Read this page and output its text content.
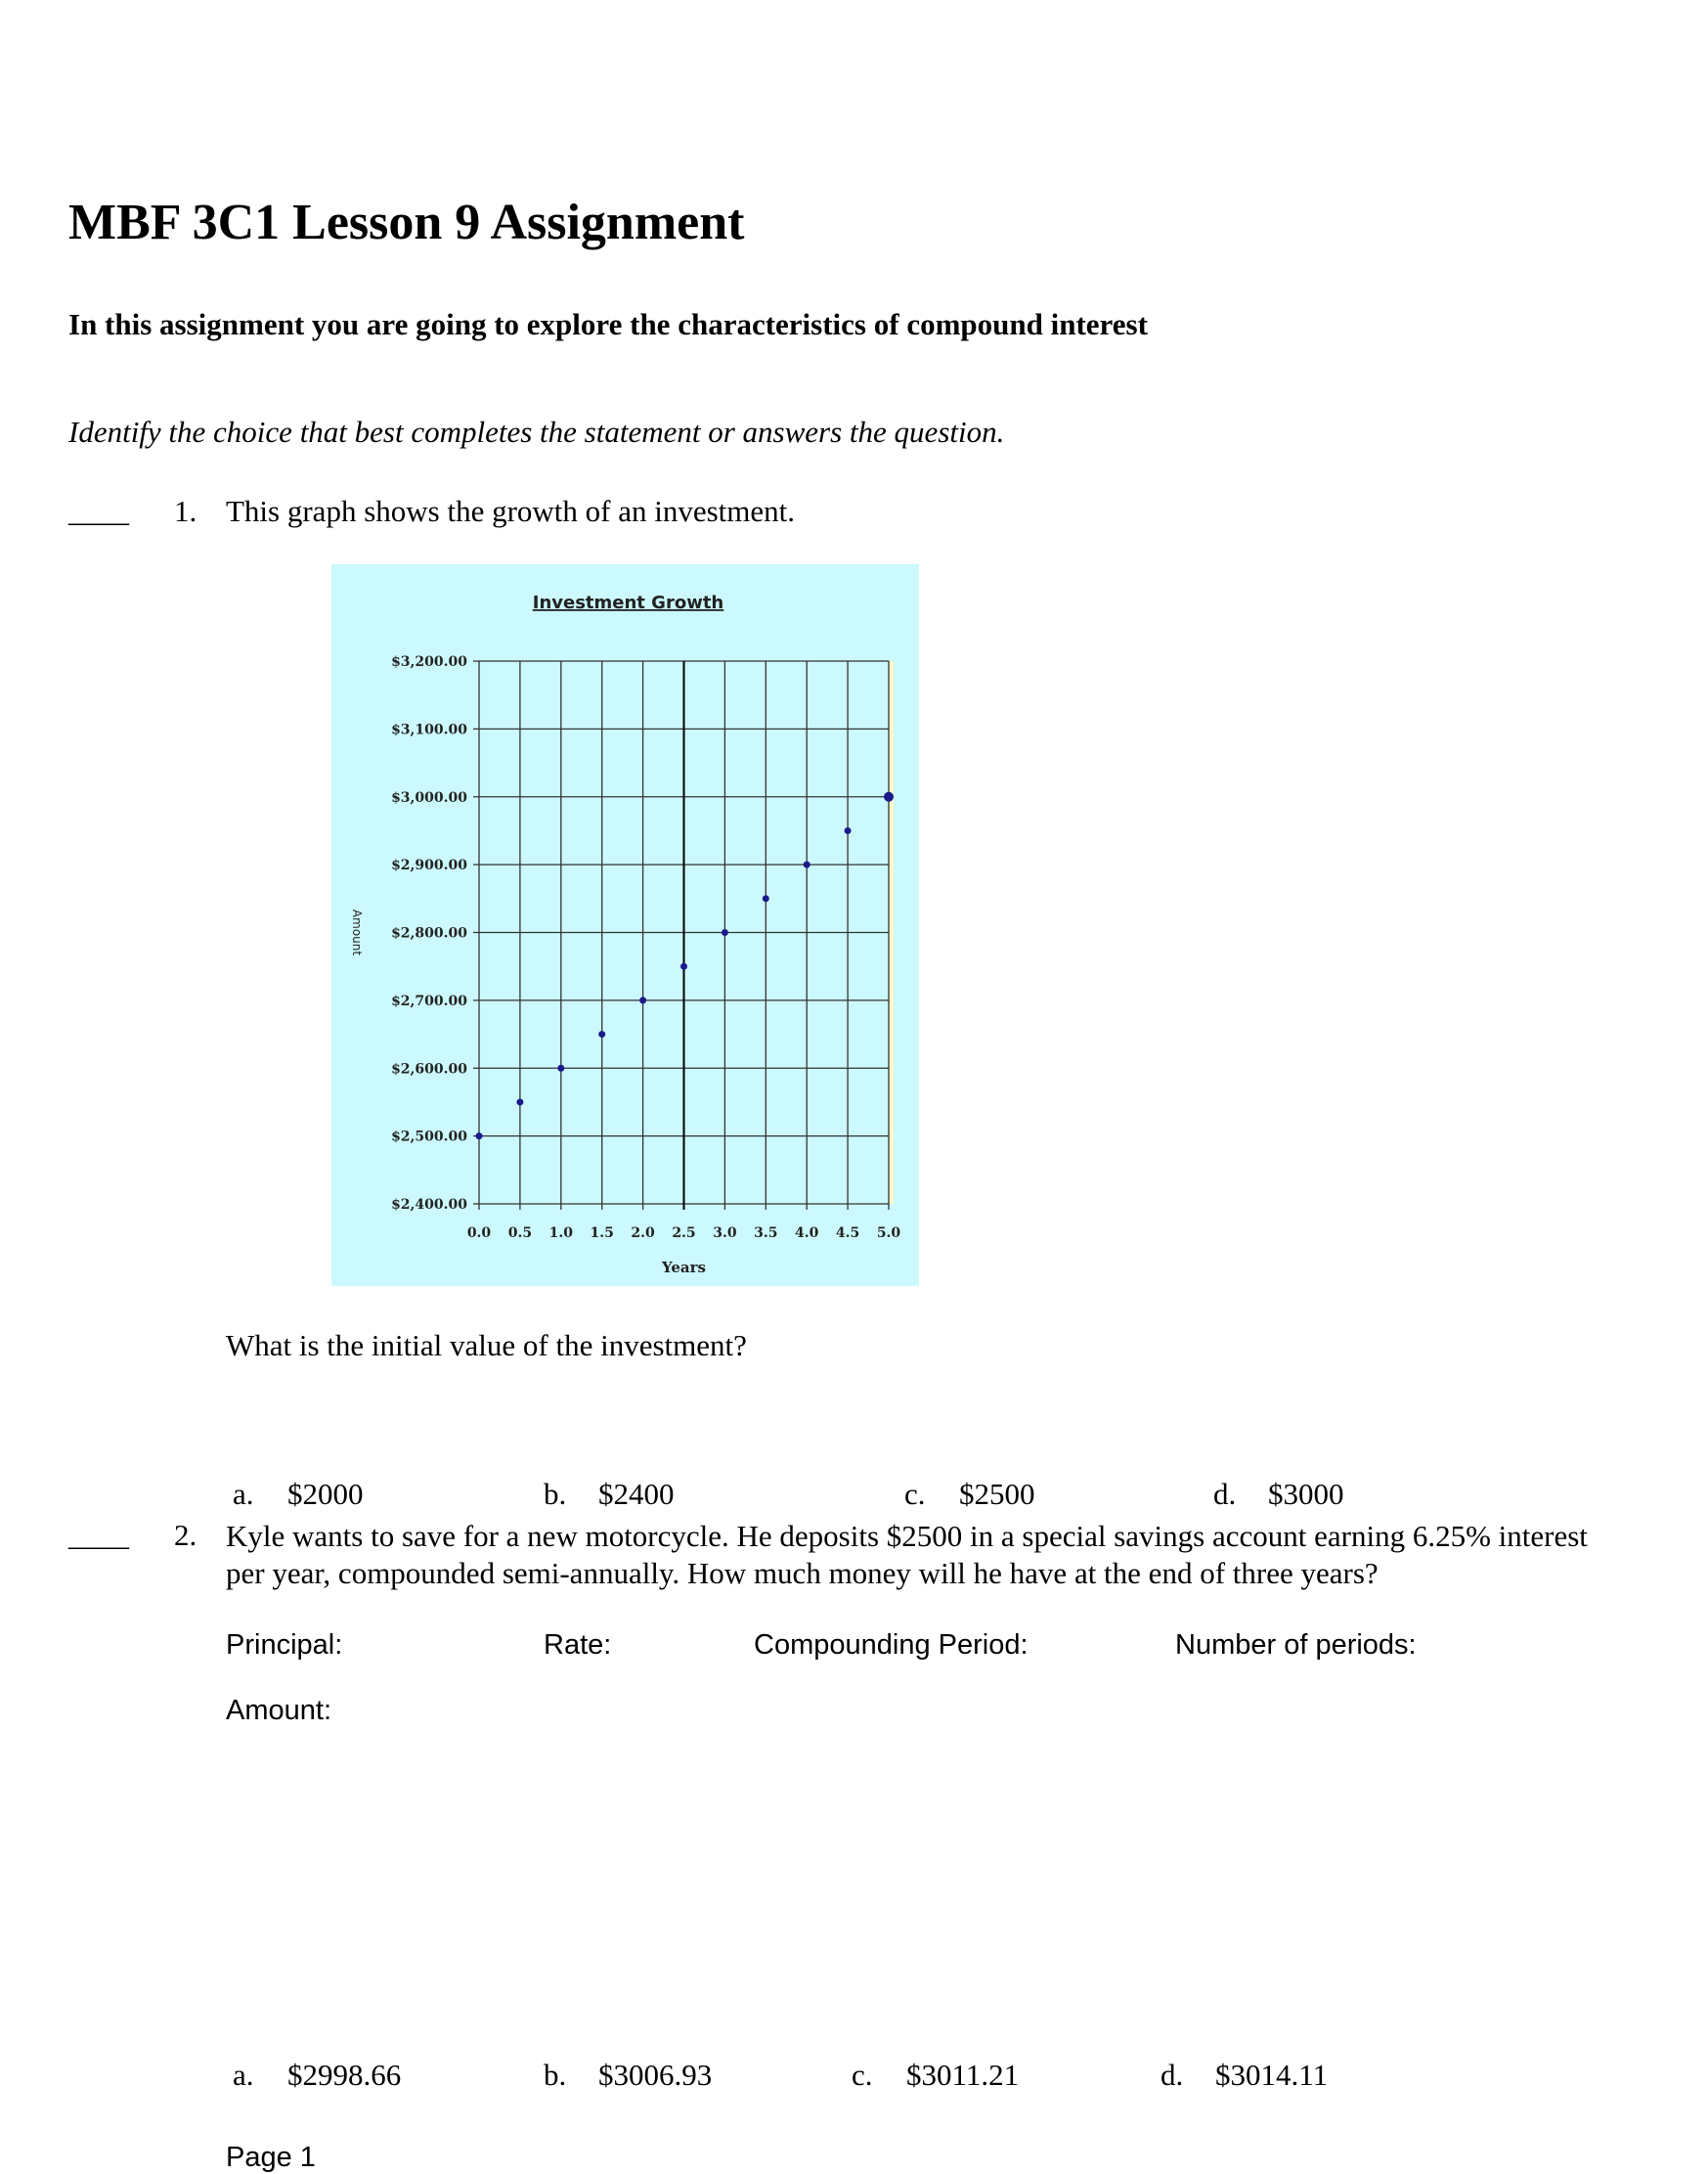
MBF 3C1 Lesson 9 Assignment
In this assignment you are going to explore the characteristics of compound interest
Identify the choice that best completes the statement or answers the question.
____ 1. This graph shows the growth of an investment.
$2,400.00
$2,500.00
$2,600.00
$2,700.00
$2,800.00
$2,900.00
$3,000.00
$3,100.00
$3,200.00
0.0 0.5 1.0 1.5 2.0 2.5 3.0 3.5 4.0 4.5 5.0
Investment Growth
Years
Amount
What is the initial value of the investment?
a. $2000	b. $2400	c. $2500	d. $3000
____ 2. Kyle wants to save for a new motorcycle. He deposits $2500 in a special savings account earning 6.25% interest per year, compounded semi-annually. How much money will he have at the end of three years?
Principal:	Rate:	Compounding Period:	Number of periods:
Amount:
a. $2998.66	b. $3006.93	c. $3011.21	d. $3014.11
Page 1
